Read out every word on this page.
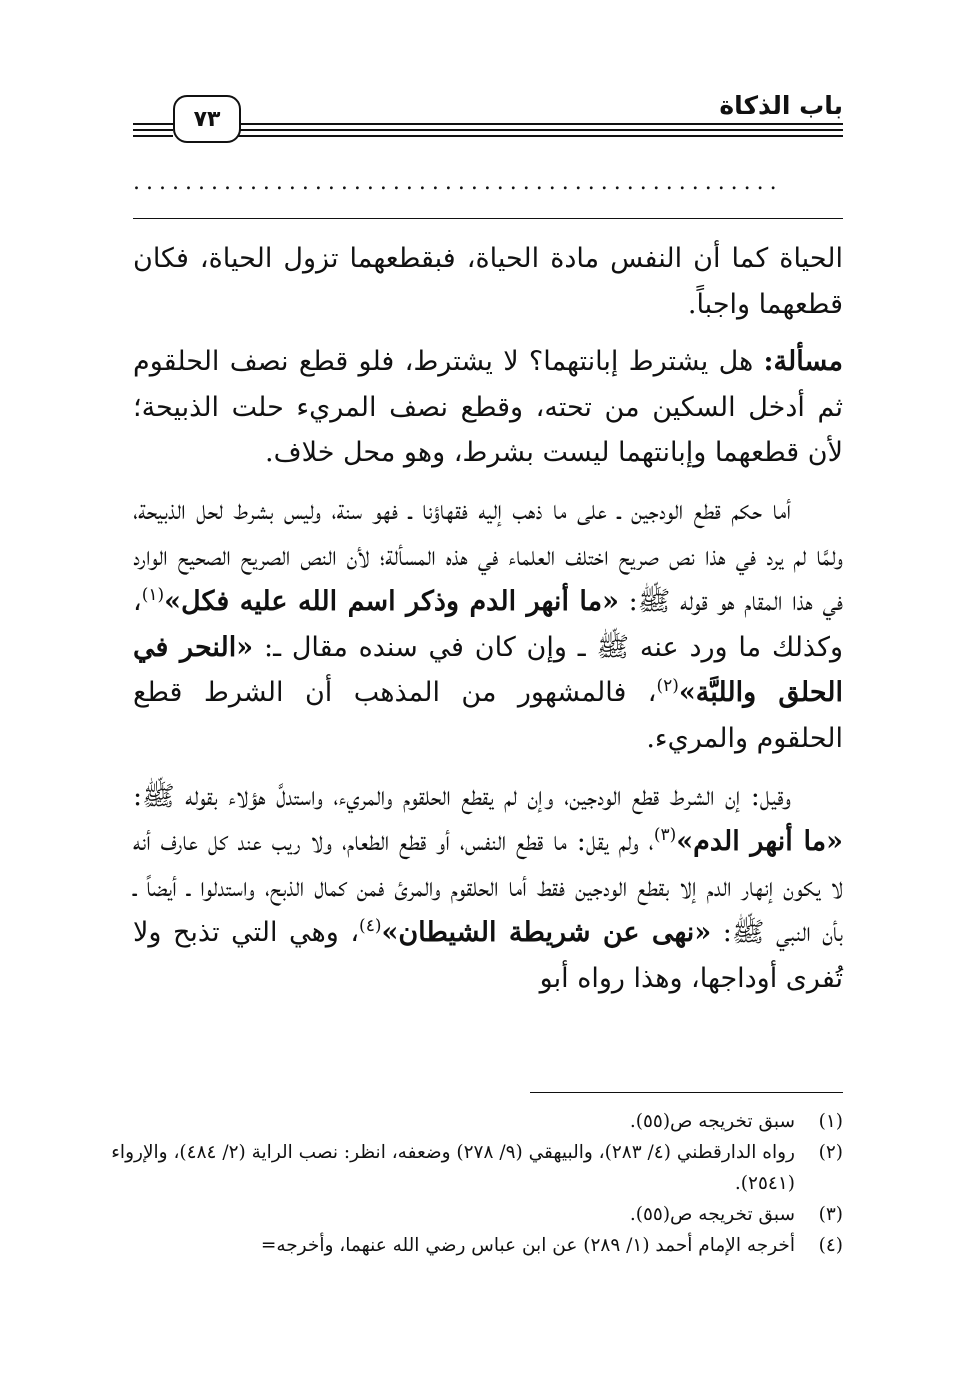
٧٣	باب الذكاة
..................................................

الحياة كما أن النفس مادة الحياة، فبقطعهما تزول الحياة، فكان قطعهما واجباً.

مسألة: هل يشترط إبانتهما؟ لا يشترط، فلو قطع نصف الحلقوم ثم أدخل السكين من تحته، وقطع نصف المريء حلت الذبيحة؛ لأن قطعهما وإبانتهما ليست بشرط، وهو محل خلاف.

أما حكم قطع الودجين ـ على ما ذهب إليه فقهاؤنا ـ فهو سنة، وليس بشرط لحل الذبيحة، ولمَّا لم يرد في هذا نص صريح اختلف العلماء في هذه المسألة؛ لأن النص الصريح الصحيح الوارد في هذا المقام هو قوله ﷺ: «ما أنهر الدم وذكر اسم الله عليه فكل»$^{(١)}$، وكذلك ما ورد عنه ﷺ ـ وإن كان في سنده مقال ـ: «النحر في الحلق واللبَّة»$^{(٢)}$، فالمشهور من المذهب أن الشرط قطع الحلقوم والمريء.

وقيل: إن الشرط قطع الودجين، وإن لم يقطع الحلقوم والمريء، واستدلَّ هؤلاء بقوله ﷺ: «ما أنهر الدم»$^{(٣)}$، ولم يقل: ما قطع النفس، أو قطع الطعام، ولا ريب عند كل عارف أنه لا يكون إنهار الدم إلا بقطع الودجين فقط أما الحلقوم والمرئ فمن كمال الذبح، واستدلوا ـ أيضاً ـ بأن النبي ﷺ: «نهى عن شريطة الشيطان»$^{(٤)}$، وهي التي تذبح ولا تُفرى أوداجها، وهذا رواه أبو

(١)
سبق تخريجه ص(٥٥).
(٢)
رواه الدارقطني (٤/ ٢٨٣)، والبيهقي (٩/ ٢٧٨) وضعفه، انظر: نصب الراية (٢/ ٤٨٤)، والإرواء (٢٥٤١).
(٣)
سبق تخريجه ص(٥٥).
(٤)
أخرجه الإمام أحمد (١/ ٢٨٩) عن ابن عباس رضي الله عنهما، وأخرجه=
